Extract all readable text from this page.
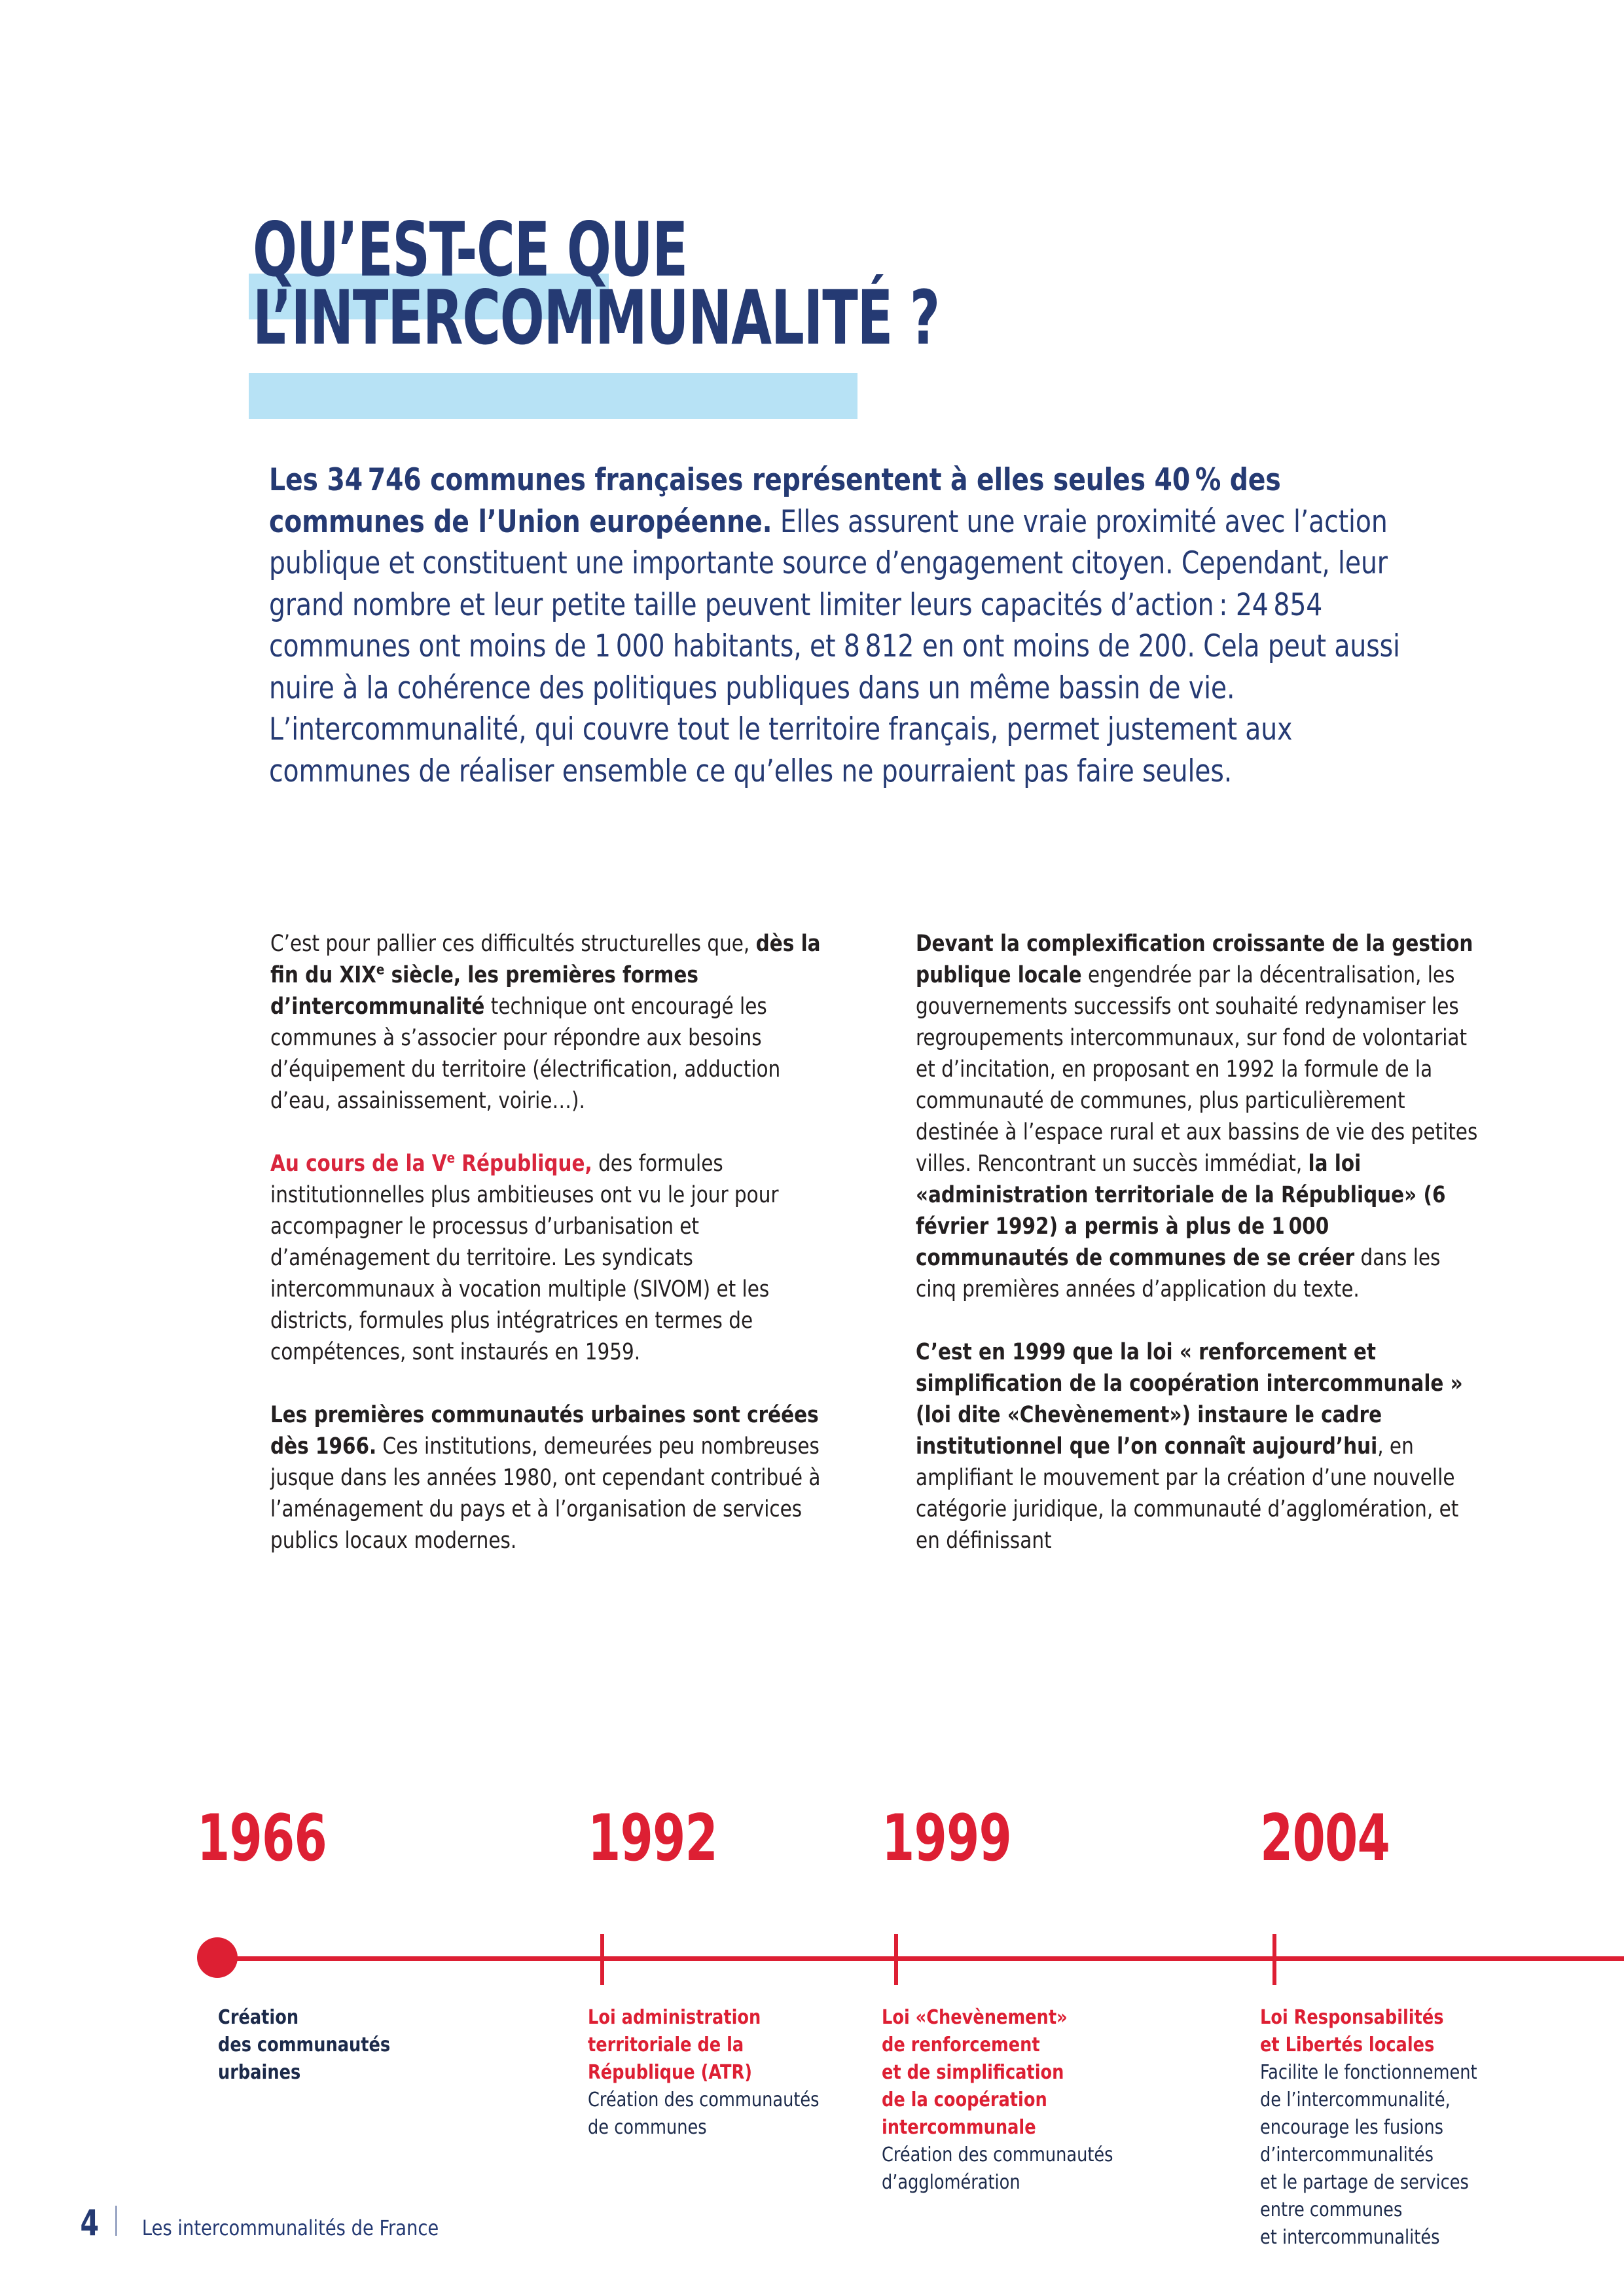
QU’EST-CE QUE
L’INTERCOMMUNALITÉ ?
Les 34 746 communes françaises représentent à elles seules 40 % des communes de l’Union européenne. Elles assurent une vraie proximité avec l’action publique et constituent une importante source d’engagement citoyen. Cependant, leur grand nombre et leur petite taille peuvent limiter leurs capacités d’action : 24 854 communes ont moins de 1 000 habitants, et 8 812 en ont moins de 200. Cela peut aussi nuire à la cohérence des politiques publiques dans un même bassin de vie. L’intercommunalité, qui couvre tout le territoire français, permet justement aux communes de réaliser ensemble ce qu’elles ne pourraient pas faire seules.

C’est pour pallier ces difficultés structurelles que, dès la fin du XIXe siècle, les premières formes d’intercommunalité technique ont encouragé les communes à s’associer pour répondre aux besoins d’équipement du territoire (électrification, adduction d’eau, assainissement, voirie…).

Au cours de la Ve République, des formules institutionnelles plus ambitieuses ont vu le jour pour accompagner le processus d’urbanisation et d’aménagement du territoire. Les syndicats intercommunaux à vocation multiple (SIVOM) et les districts, formules plus intégratrices en termes de compétences, sont instaurés en 1959.

Les premières communautés urbaines sont créées dès 1966. Ces institutions, demeurées peu nombreuses jusque dans les années 1980, ont cependant contribué à l’aménagement du pays et à l’organisation de services publics locaux modernes.

Devant la complexification croissante de la gestion publique locale engendrée par la décentralisation, les gouvernements successifs ont souhaité redynamiser les regroupements intercommunaux, sur fond de volontariat et d’incitation, en proposant en 1992 la formule de la communauté de communes, plus particulièrement destinée à l’espace rural et aux bassins de vie des petites villes. Rencontrant un succès immédiat, la loi «administration territoriale de la République» (6 février 1992) a permis à plus de 1 000 communautés de communes de se créer dans les cinq premières années d’application du texte.

C’est en 1999 que la loi « renforcement et simplification de la coopération intercommunale » (loi dite «Chevènement») instaure le cadre institutionnel que l’on connaît aujourd’hui, en amplifiant le mouvement par la création d’une nouvelle catégorie juridique, la communauté d’agglomération, et en définissant

1966
Création
des communautés
urbaines
1992
Loi administration
territoriale de la
République (ATR)
Création des communautés
de communes
1999
Loi «Chevènement»
de renforcement
et de simplification
de la coopération
intercommunale
Création des communautés
d’agglomération
2004
Loi Responsabilités
et Libertés locales
Facilite le fonctionnement
de l’intercommunalité,
encourage les fusions
d’intercommunalités
et le partage de services
entre communes
et intercommunalités
4 Les intercommunalités de France
